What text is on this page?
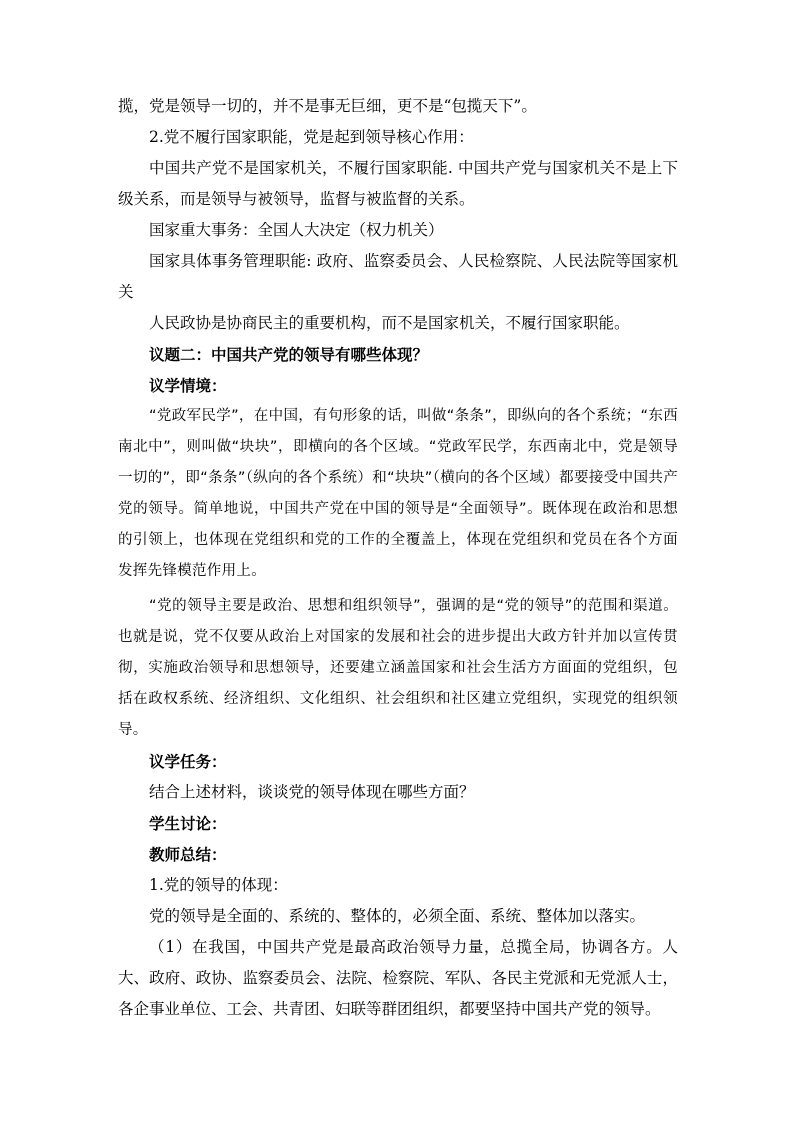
揽，党是领导一切的，并不是事无巨细，更不是“包揽天下”。

2.党不履行国家职能，党是起到领导核心作用：

中国共产党不是国家机关，不履行国家职能. 中国共产党与国家机关不是上下级关系，而是领导与被领导，监督与被监督的关系。

国家重大事务：全国人大决定（权力机关）

国家具体事务管理职能: 政府、监察委员会、人民检察院、人民法院等国家机关

人民政协是协商民主的重要机构，而不是国家机关，不履行国家职能。

议题二：中国共产党的领导有哪些体现？

议学情境：

“党政军民学”，在中国，有句形象的话，叫做“条条”，即纵向的各个系统；“东西南北中”，则叫做“块块”，即横向的各个区域。“党政军民学，东西南北中，党是领导一切的”，即“条条”（纵向的各个系统）和“块块”（横向的各个区域）都要接受中国共产党的领导。简单地说，中国共产党在中国的领导是“全面领导”。既体现在政治和思想的引领上，也体现在党组织和党的工作的全覆盖上，体现在党组织和党员在各个方面发挥先锋模范作用上。

“党的领导主要是政治、思想和组织领导”，强调的是“党的领导”的范围和渠道。也就是说，党不仅要从政治上对国家的发展和社会的进步提出大政方针并加以宣传贯彻，实施政治领导和思想领导，还要建立涵盖国家和社会生活方方面面的党组织，包括在政权系统、经济组织、文化组织、社会组织和社区建立党组织，实现党的组织领导。

议学任务：

结合上述材料，谈谈党的领导体现在哪些方面？

学生讨论：

教师总结：

1.党的领导的体现：

党的领导是全面的、系统的、整体的，必须全面、系统、整体加以落实。

（1）在我国，中国共产党是最高政治领导力量，总揽全局，协调各方。人大、政府、政协、监察委员会、法院、检察院、军队、各民主党派和无党派人士，各企事业单位、工会、共青团、妇联等群团组织，都要坚持中国共产党的领导。
